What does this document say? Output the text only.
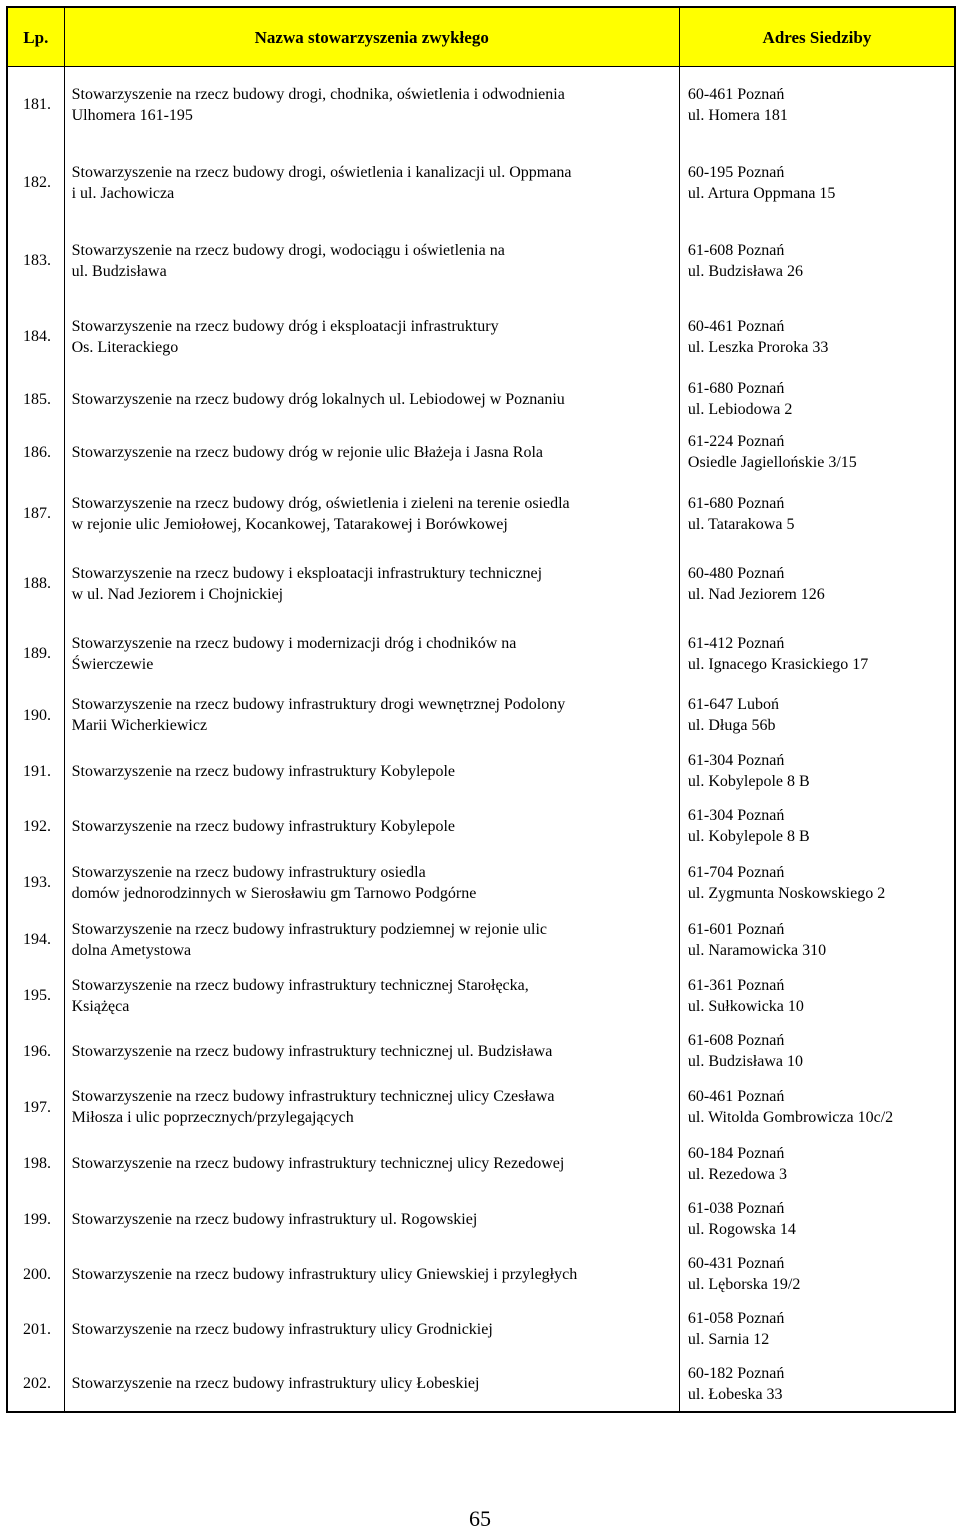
Lp.	Nazwa stowarzyszenia zwykłego	Adres Siedziby
181.	Stowarzyszenie na rzecz budowy drogi, chodnika, oświetlenia i odwodnienia
Ulhomera 161-195	60-461 Poznań
ul. Homera 181

182.	Stowarzyszenie na rzecz budowy drogi, oświetlenia i kanalizacji ul. Oppmana
i ul. Jachowicza	60-195 Poznań
ul. Artura Oppmana 15

183.	Stowarzyszenie na rzecz budowy drogi, wodociągu i oświetlenia na
ul. Budzisława	61-608 Poznań
ul. Budzisława 26

184.	Stowarzyszenie na rzecz budowy dróg i eksploatacji infrastruktury
Os. Literackiego	60-461 Poznań
ul. Leszka Proroka 33

185.	Stowarzyszenie na rzecz budowy dróg lokalnych ul. Lebiodowej w Poznaniu	61-680 Poznań
ul. Lebiodowa 2

186.	Stowarzyszenie na rzecz budowy dróg w rejonie ulic Błażeja i Jasna Rola	61-224 Poznań
Osiedle Jagiellońskie 3/15

187.	Stowarzyszenie na rzecz budowy dróg, oświetlenia i zieleni na terenie osiedla
w rejonie ulic Jemiołowej, Kocankowej, Tatarakowej i Borówkowej	61-680 Poznań
ul. Tatarakowa 5

188.	Stowarzyszenie na rzecz budowy i eksploatacji infrastruktury technicznej
w ul. Nad Jeziorem i Chojnickiej	60-480 Poznań
ul. Nad Jeziorem 126

189.	Stowarzyszenie na rzecz budowy i modernizacji dróg i chodników na
Świerczewie	61-412 Poznań
ul. Ignacego Krasickiego 17

190.	Stowarzyszenie na rzecz budowy infrastruktury drogi wewnętrznej Podolony
Marii Wicherkiewicz	61-647 Luboń
ul. Długa 56b

191.	Stowarzyszenie na rzecz budowy infrastruktury Kobylepole	61-304 Poznań
ul. Kobylepole 8 B

192.	Stowarzyszenie na rzecz budowy infrastruktury Kobylepole	61-304 Poznań
ul. Kobylepole 8 B

193.	Stowarzyszenie na rzecz budowy infrastruktury osiedla
domów jednorodzinnych w Sierosławiu gm Tarnowo Podgórne	61-704 Poznań
ul. Zygmunta Noskowskiego 2

194.	Stowarzyszenie na rzecz budowy infrastruktury podziemnej w rejonie ulic
dolna Ametystowa	61-601 Poznań
ul. Naramowicka 310

195.	Stowarzyszenie na rzecz budowy infrastruktury technicznej Starołęcka,
Książęca	61-361 Poznań
ul. Sułkowicka 10

196.	Stowarzyszenie na rzecz budowy infrastruktury technicznej ul. Budzisława	61-608 Poznań
ul. Budzisława 10

197.	Stowarzyszenie na rzecz budowy infrastruktury technicznej ulicy Czesława
Miłosza i ulic poprzecznych/przylegających	60-461 Poznań
ul. Witolda Gombrowicza 10c/2

198.	Stowarzyszenie na rzecz budowy infrastruktury technicznej ulicy Rezedowej	60-184 Poznań
ul. Rezedowa 3

199.	Stowarzyszenie na rzecz budowy infrastruktury ul. Rogowskiej	61-038 Poznań
ul. Rogowska 14

200.	Stowarzyszenie na rzecz budowy infrastruktury ulicy Gniewskiej i przyległych	60-431 Poznań
ul. Lęborska 19/2

201.	Stowarzyszenie na rzecz budowy infrastruktury ulicy Grodnickiej	61-058 Poznań
ul. Sarnia 12

202.	Stowarzyszenie na rzecz budowy infrastruktury ulicy Łobeskiej	60-182 Poznań
ul. Łobeska 33
65
